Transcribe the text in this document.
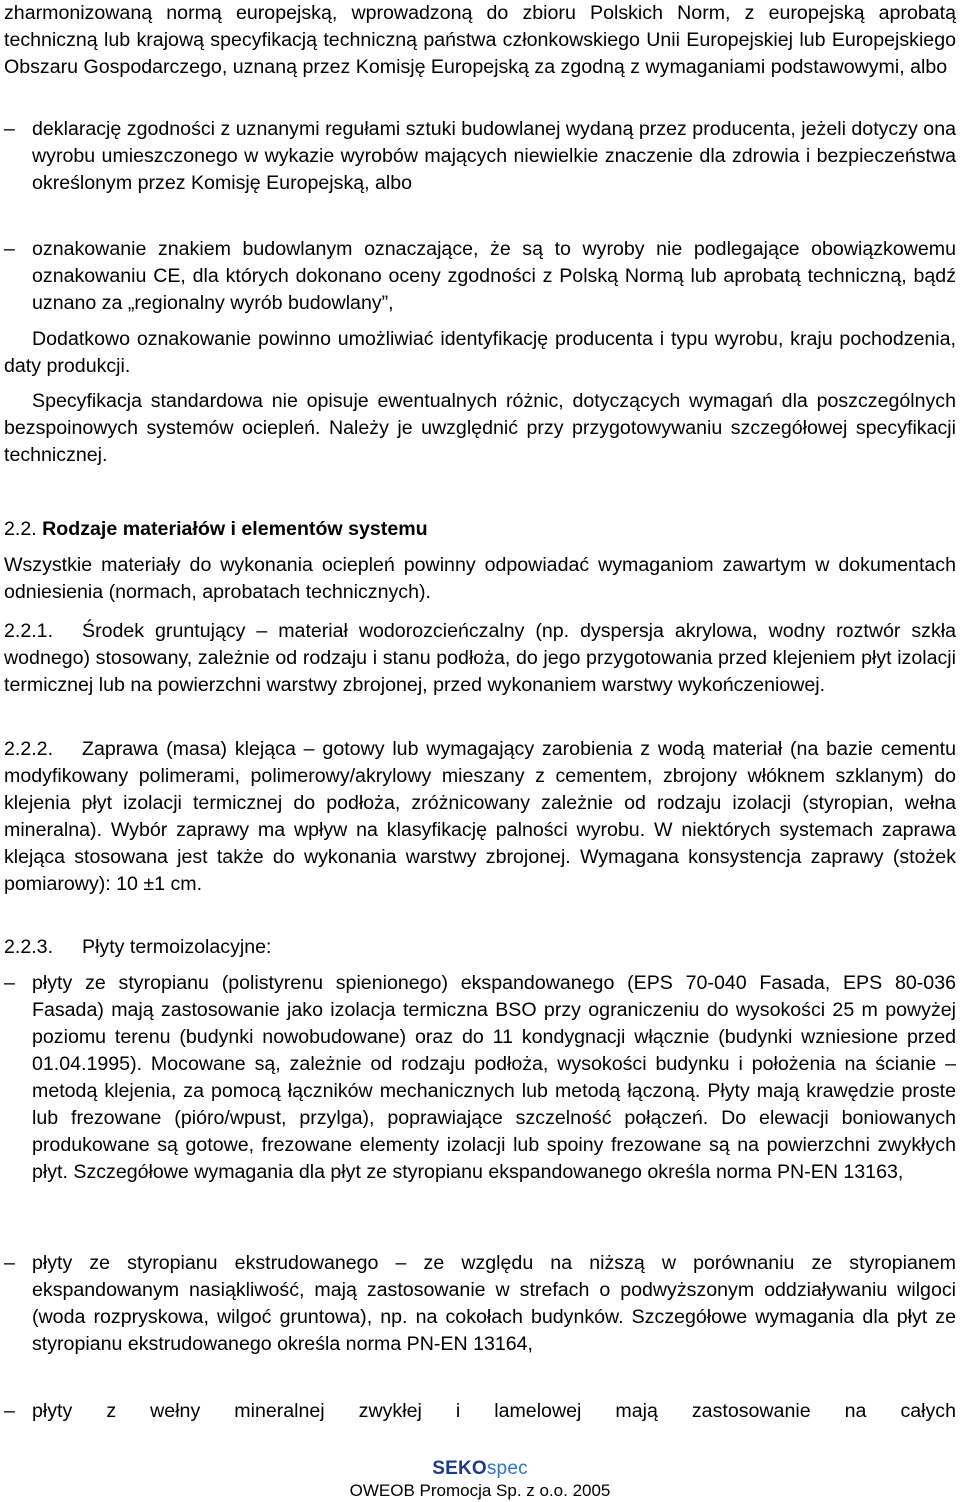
zharmonizowaną normą europejską, wprowadzoną do zbioru Polskich Norm, z europejską aprobatą techniczną lub krajową specyfikacją techniczną państwa członkowskiego Unii Europejskiej lub Europejskiego Obszaru Gospodarczego, uznaną przez Komisję Europejską za zgodną z wymaganiami podstawowymi, albo
– deklarację zgodności z uznanymi regułami sztuki budowlanej wydaną przez producenta, jeżeli dotyczy ona wyrobu umieszczonego w wykazie wyrobów mających niewielkie znaczenie dla zdrowia i bezpieczeństwa określonym przez Komisję Europejską, albo
– oznakowanie znakiem budowlanym oznaczające, że są to wyroby nie podlegające obowiązkowemu oznakowaniu CE, dla których dokonano oceny zgodności z Polską Normą lub aprobatą techniczną, bądź uznano za „regionalny wyrób budowlany”,
Dodatkowo oznakowanie powinno umożliwiać identyfikację producenta i typu wyrobu, kraju pochodzenia, daty produkcji.
Specyfikacja standardowa nie opisuje ewentualnych różnic, dotyczących wymagań dla poszczególnych bezspoinowych systemów ociepleń. Należy je uwzględnić przy przygotowywaniu szczegółowej specyfikacji technicznej.
2.2. Rodzaje materiałów i elementów systemu
Wszystkie materiały do wykonania ociepleń powinny odpowiadać wymaganiom zawartym w dokumentach odniesienia (normach, aprobatach technicznych).
2.2.1. Środek gruntujący – materiał wodorozcieńczalny (np. dyspersja akrylowa, wodny roztwór szkła wodnego) stosowany, zależnie od rodzaju i stanu podłoża, do jego przygotowania przed klejeniem płyt izolacji termicznej lub na powierzchni warstwy zbrojonej, przed wykonaniem warstwy wykończeniowej.
2.2.2. Zaprawa (masa) klejąca – gotowy lub wymagający zarobienia z wodą materiał (na bazie cementu modyfikowany polimerami, polimerowy/akrylowy mieszany z cementem, zbrojony włóknem szklanym) do klejenia płyt izolacji termicznej do podłoża, zróżnicowany zależnie od rodzaju izolacji (styropian, wełna mineralna). Wybór zaprawy ma wpływ na klasyfikację palności wyrobu. W niektórych systemach zaprawa klejąca stosowana jest także do wykonania warstwy zbrojonej. Wymagana konsystencja zaprawy (stożek pomiarowy): 10 ±1 cm.
2.2.3. Płyty termoizolacyjne:
– płyty ze styropianu (polistyrenu spienionego) ekspandowanego (EPS 70-040 Fasada, EPS 80-036 Fasada) mają zastosowanie jako izolacja termiczna BSO przy ograniczeniu do wysokości 25 m powyżej poziomu terenu (budynki nowobudowane) oraz do 11 kondygnacji włącznie (budynki wzniesione przed 01.04.1995). Mocowane są, zależnie od rodzaju podłoża, wysokości budynku i położenia na ścianie – metodą klejenia, za pomocą łączników mechanicznych lub metodą łączoną. Płyty mają krawędzie proste lub frezowane (pióro/wpust, przylga), poprawiające szczelność połączeń. Do elewacji boniowanych produkowane są gotowe, frezowane elementy izolacji lub spoiny frezowane są na powierzchni zwykłych płyt. Szczegółowe wymagania dla płyt ze styropianu ekspandowanego określa norma PN-EN 13163,
– płyty ze styropianu ekstrudowanego – ze względu na niższą w porównaniu ze styropianem ekspandowanym nasiąkliwość, mają zastosowanie w strefach o podwyższonym oddziaływaniu wilgoci (woda rozpryskowa, wilgoć gruntowa), np. na cokołach budynków. Szczegółowe wymagania dla płyt ze styropianu ekstrudowanego określa norma PN-EN 13164,
– płyty z wełny mineralnej zwykłej i lamelowej mają zastosowanie na całych
SEKOspec
OWEOB Promocja Sp. z o.o. 2005
